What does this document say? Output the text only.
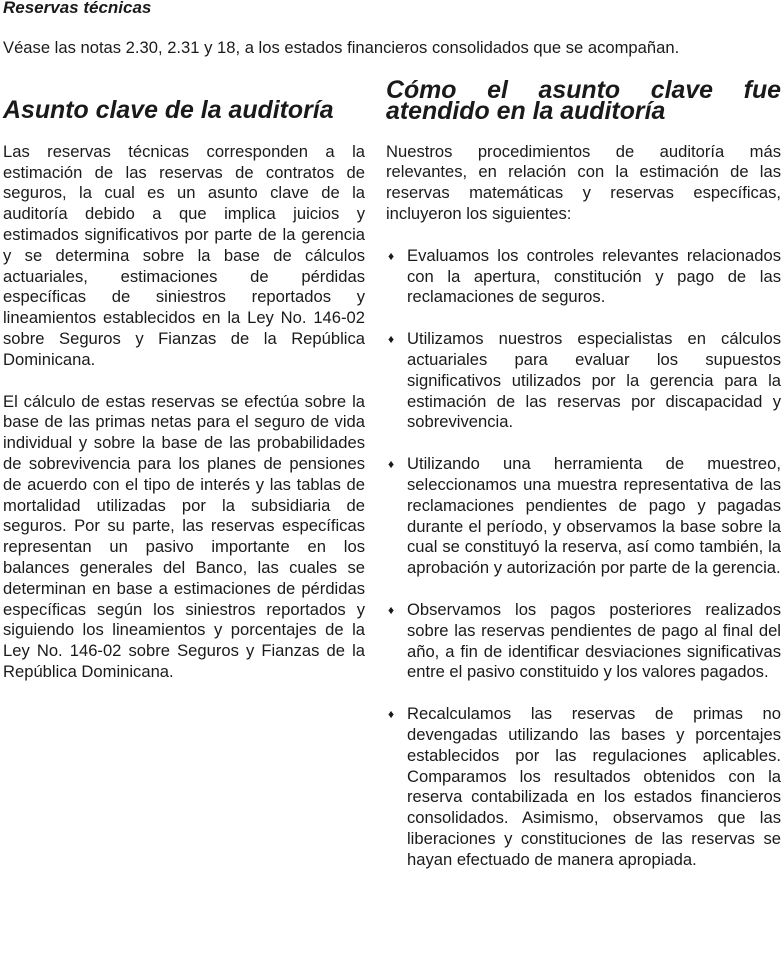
Reservas técnicas

Véase las notas 2.30, 2.31 y 18, a los estados financieros consolidados que se acompañan.

Asunto clave de la auditoría

Las reservas técnicas corresponden a la estimación de las reservas de contratos de seguros, la cual es un asunto clave de la auditoría debido a que implica juicios y estimados significativos por parte de la gerencia y se determina sobre la base de cálculos actuariales, estimaciones de pérdidas específicas de siniestros reportados y lineamientos establecidos en la Ley No. 146-02 sobre Seguros y Fianzas de la República Dominicana.

El cálculo de estas reservas se efectúa sobre la base de las primas netas para el seguro de vida individual y sobre la base de las probabilidades de sobrevivencia para los planes de pensiones de acuerdo con el tipo de interés y las tablas de mortalidad utilizadas por la subsidiaria de seguros. Por su parte, las reservas específicas representan un pasivo importante en los balances generales del Banco, las cuales se determinan en base a estimaciones de pérdidas específicas según los siniestros reportados y siguiendo los lineamientos y porcentajes de la Ley No. 146-02 sobre Seguros y Fianzas de la República Dominicana.

Cómo el asunto clave fue atendido en la auditoría

Nuestros procedimientos de auditoría más relevantes, en relación con la estimación de las reservas matemáticas y reservas específicas, incluyeron los siguientes:

♦ Evaluamos los controles relevantes relacionados con la apertura, constitución y pago de las reclamaciones de seguros.
♦ Utilizamos nuestros especialistas en cálculos actuariales para evaluar los supuestos significativos utilizados por la gerencia para la estimación de las reservas por discapacidad y sobrevivencia.
♦ Utilizando una herramienta de muestreo, seleccionamos una muestra representativa de las reclamaciones pendientes de pago y pagadas durante el período, y observamos la base sobre la cual se constituyó la reserva, así como también, la aprobación y autorización por parte de la gerencia.
♦ Observamos los pagos posteriores realizados sobre las reservas pendientes de pago al final del año, a fin de identificar desviaciones significativas entre el pasivo constituido y los valores pagados.
♦ Recalculamos las reservas de primas no devengadas utilizando las bases y porcentajes establecidos por las regulaciones aplicables. Comparamos los resultados obtenidos con la reserva contabilizada en los estados financieros consolidados. Asimismo, observamos que las liberaciones y constituciones de las reservas se hayan efectuado de manera apropiada.
